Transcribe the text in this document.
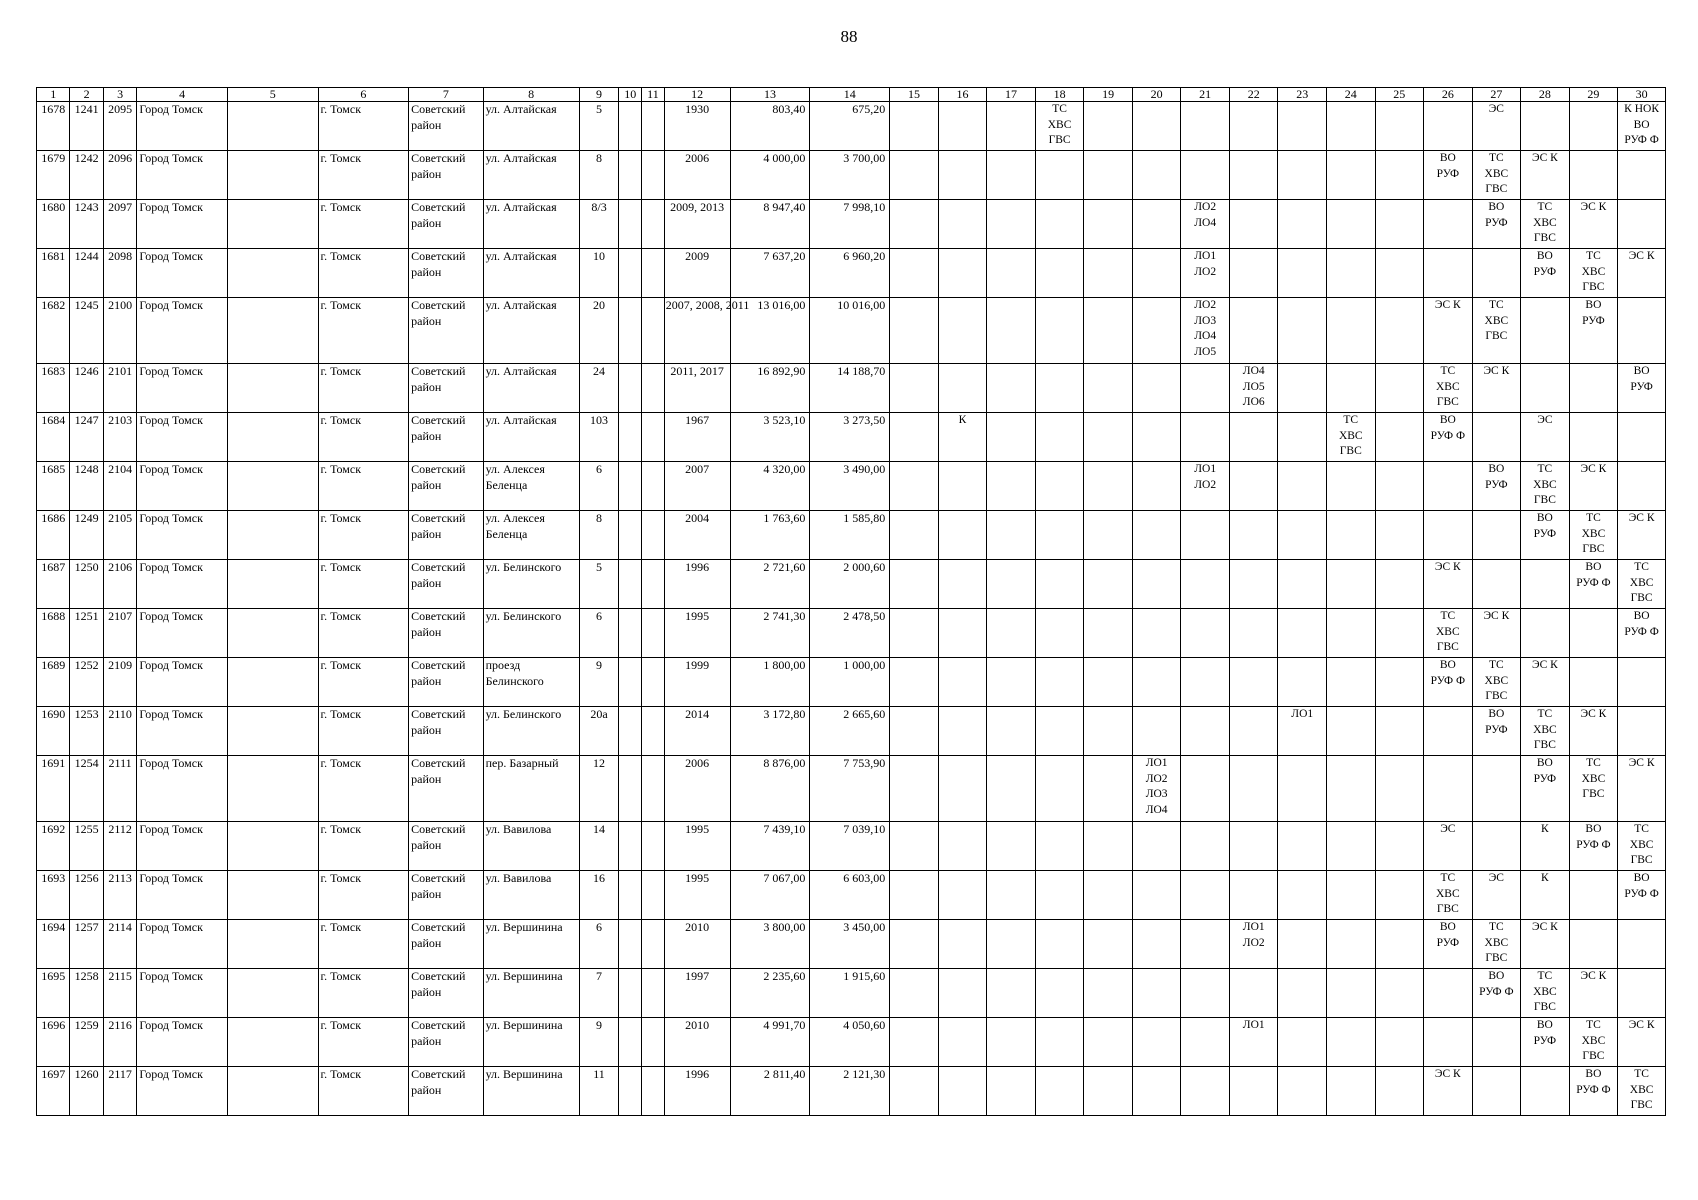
88
1	2	3	4	5	6	7	8	9	10	11	12	13	14	15	16	17	18	19	20	21	22	23	24	25	26	27	28	29	30
1678	1241	2095	Город Томск		г. Томск	Советский район	ул. Алтайская	5			1930	803,40	675,20				ТС
ХВС
ГВС									ЭС			К НОК
ВО
РУФ Ф
1679	1242	2096	Город Томск		г. Томск	Советский район	ул. Алтайская	8			2006	4 000,00	3 700,00												ВО
РУФ	ТС
ХВС
ГВС	ЭС К		
1680	1243	2097	Город Томск		г. Томск	Советский район	ул. Алтайская	8/3			2009, 2013	8 947,40	7 998,10							ЛО2
ЛО4						ВО
РУФ	ТС
ХВС
ГВС	ЭС К	
1681	1244	2098	Город Томск		г. Томск	Советский район	ул. Алтайская	10			2009	7 637,20	6 960,20							ЛО1
ЛО2							ВО
РУФ	ТС
ХВС
ГВС	ЭС К
1682	1245	2100	Город Томск		г. Томск	Советский район	ул. Алтайская	20			2007, 2008, 2011	13 016,00	10 016,00							ЛО2
ЛО3
ЛО4
ЛО5					ЭС К	ТС
ХВС
ГВС		ВО
РУФ	
1683	1246	2101	Город Томск		г. Томск	Советский район	ул. Алтайская	24			2011, 2017	16 892,90	14 188,70								ЛО4
ЛО5
ЛО6				ТС
ХВС
ГВС	ЭС К			ВО
РУФ
1684	1247	2103	Город Томск		г. Томск	Советский район	ул. Алтайская	103			1967	3 523,10	3 273,50		К								ТС
ХВС
ГВС		ВО
РУФ Ф		ЭС		
1685	1248	2104	Город Томск		г. Томск	Советский район	ул. Алексея Беленца	6			2007	4 320,00	3 490,00							ЛО1
ЛО2						ВО
РУФ	ТС
ХВС
ГВС	ЭС К	
1686	1249	2105	Город Томск		г. Томск	Советский район	ул. Алексея Беленца	8			2004	1 763,60	1 585,80														ВО
РУФ	ТС
ХВС
ГВС	ЭС К
1687	1250	2106	Город Томск		г. Томск	Советский район	ул. Белинского	5			1996	2 721,60	2 000,60												ЭС К			ВО
РУФ Ф	ТС
ХВС
ГВС
1688	1251	2107	Город Томск		г. Томск	Советский район	ул. Белинского	6			1995	2 741,30	2 478,50												ТС
ХВС
ГВС	ЭС К			ВО
РУФ Ф
1689	1252	2109	Город Томск		г. Томск	Советский район	проезд Белинского	9			1999	1 800,00	1 000,00												ВО
РУФ Ф	ТС
ХВС
ГВС	ЭС К		
1690	1253	2110	Город Томск		г. Томск	Советский район	ул. Белинского	20а			2014	3 172,80	2 665,60									ЛО1				ВО
РУФ	ТС
ХВС
ГВС	ЭС К	
1691	1254	2111	Город Томск		г. Томск	Советский район	пер. Базарный	12			2006	8 876,00	7 753,90						ЛО1
ЛО2
ЛО3
ЛО4								ВО
РУФ	ТС
ХВС
ГВС	ЭС К
1692	1255	2112	Город Томск		г. Томск	Советский район	ул. Вавилова	14			1995	7 439,10	7 039,10												ЭС		К	ВО
РУФ Ф	ТС
ХВС
ГВС
1693	1256	2113	Город Томск		г. Томск	Советский район	ул. Вавилова	16			1995	7 067,00	6 603,00												ТС
ХВС
ГВС	ЭС	К		ВО
РУФ Ф
1694	1257	2114	Город Томск		г. Томск	Советский район	ул. Вершинина	6			2010	3 800,00	3 450,00								ЛО1
ЛО2				ВО
РУФ	ТС
ХВС
ГВС	ЭС К		
1695	1258	2115	Город Томск		г. Томск	Советский район	ул. Вершинина	7			1997	2 235,60	1 915,60													ВО
РУФ Ф	ТС
ХВС
ГВС	ЭС К	
1696	1259	2116	Город Томск		г. Томск	Советский район	ул. Вершинина	9			2010	4 991,70	4 050,60								ЛО1						ВО
РУФ	ТС
ХВС
ГВС	ЭС К
1697	1260	2117	Город Томск		г. Томск	Советский район	ул. Вершинина	11			1996	2 811,40	2 121,30												ЭС К			ВО
РУФ Ф	ТС
ХВС
ГВС
